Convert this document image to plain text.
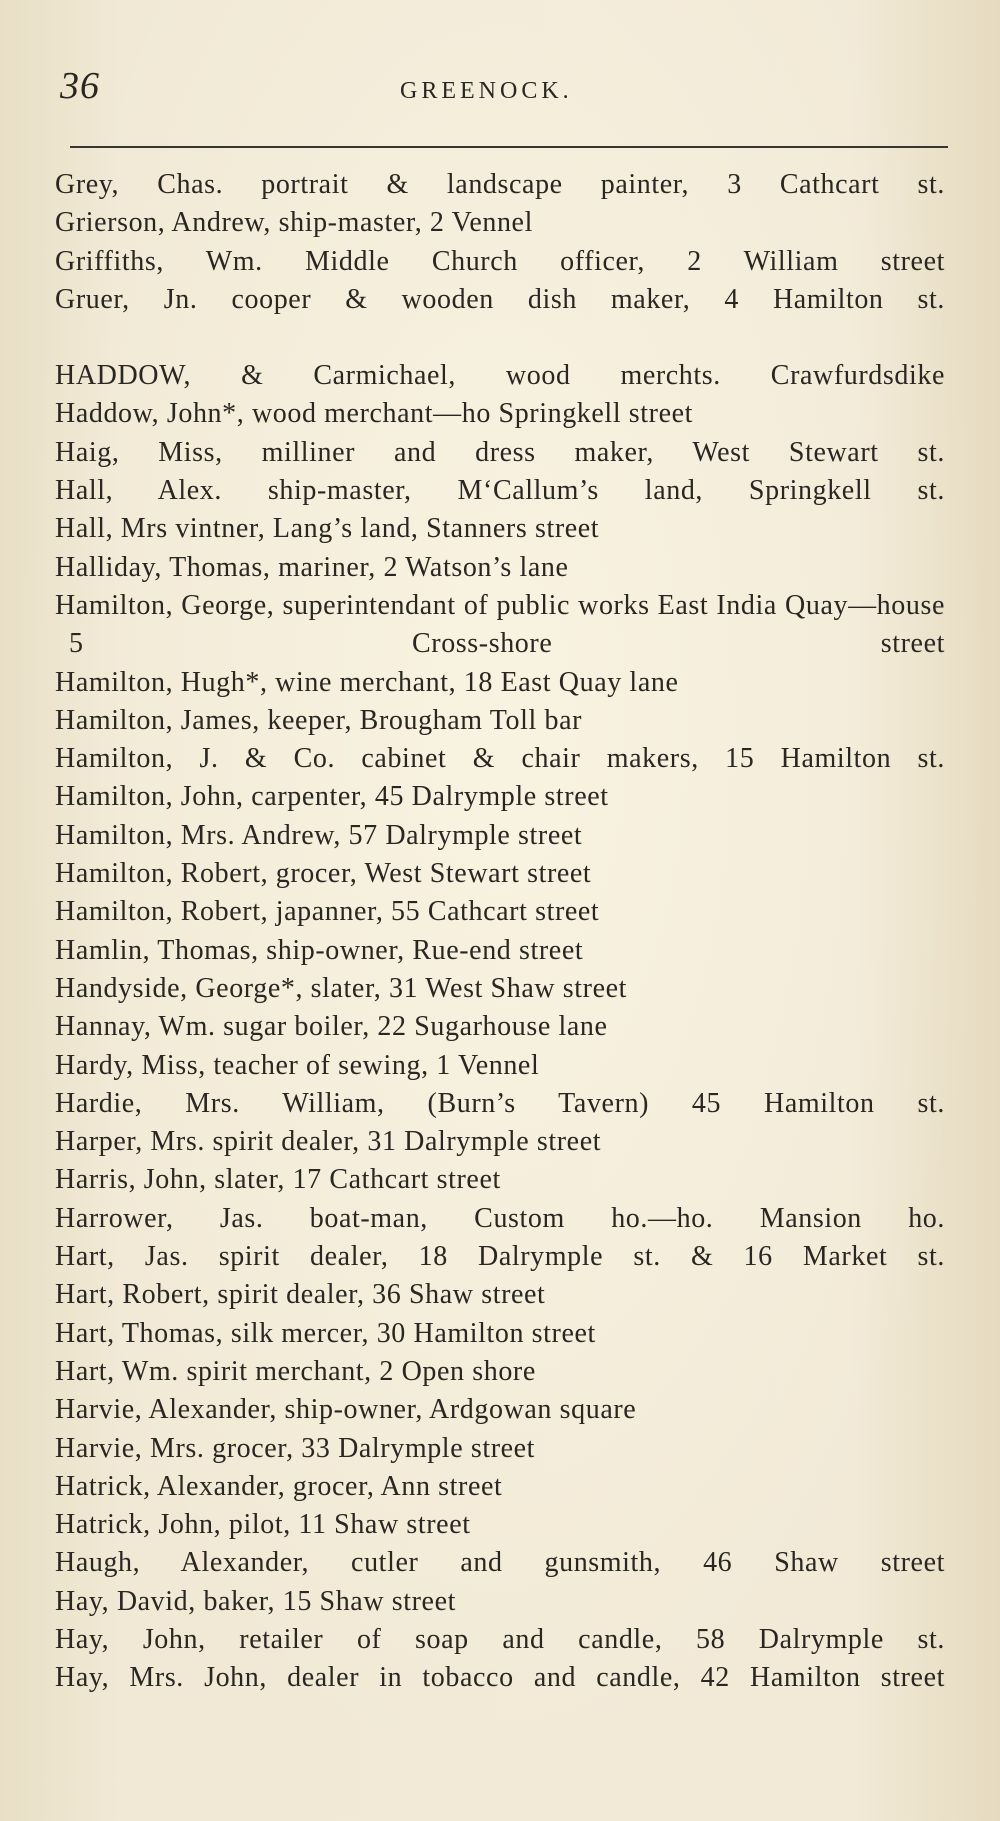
36	GREENOCK.
Grey, Chas. portrait & landscape painter, 3 Cathcart st.
Grierson, Andrew, ship-master, 2 Vennel
Griffiths, Wm. Middle Church officer, 2 William street
Gruer, Jn. cooper & wooden dish maker, 4 Hamilton st.
HADDOW, & Carmichael, wood merchts. Crawfurdsdike
Haddow, John*, wood merchant—ho Springkell street
Haig, Miss, milliner and dress maker, West Stewart st.
Hall, Alex. ship-master, M‘Callum’s land, Springkell st.
Hall, Mrs vintner, Lang’s land, Stanners street
Halliday, Thomas, mariner, 2 Watson’s lane
Hamilton, George, superintendant of public works East India Quay—house 5 Cross-shore street
Hamilton, Hugh*, wine merchant, 18 East Quay lane
Hamilton, James, keeper, Brougham Toll bar
Hamilton, J. & Co. cabinet & chair makers, 15 Hamilton st.
Hamilton, John, carpenter, 45 Dalrymple street
Hamilton, Mrs. Andrew, 57 Dalrymple street
Hamilton, Robert, grocer, West Stewart street
Hamilton, Robert, japanner, 55 Cathcart street
Hamlin, Thomas, ship-owner, Rue-end street
Handyside, George*, slater, 31 West Shaw street
Hannay, Wm. sugar boiler, 22 Sugarhouse lane
Hardy, Miss, teacher of sewing, 1 Vennel
Hardie, Mrs. William, (Burn’s Tavern) 45 Hamilton st.
Harper, Mrs. spirit dealer, 31 Dalrymple street
Harris, John, slater, 17 Cathcart street
Harrower, Jas. boat-man, Custom ho.—ho. Mansion ho.
Hart, Jas. spirit dealer, 18 Dalrymple st. & 16 Market st.
Hart, Robert, spirit dealer, 36 Shaw street
Hart, Thomas, silk mercer, 30 Hamilton street
Hart, Wm. spirit merchant, 2 Open shore
Harvie, Alexander, ship-owner, Ardgowan square
Harvie, Mrs. grocer, 33 Dalrymple street
Hatrick, Alexander, grocer, Ann street
Hatrick, John, pilot, 11 Shaw street
Haugh, Alexander, cutler and gunsmith, 46 Shaw street
Hay, David, baker, 15 Shaw street
Hay, John, retailer of soap and candle, 58 Dalrymple st.
Hay, Mrs. John, dealer in tobacco and candle, 42 Hamilton street
